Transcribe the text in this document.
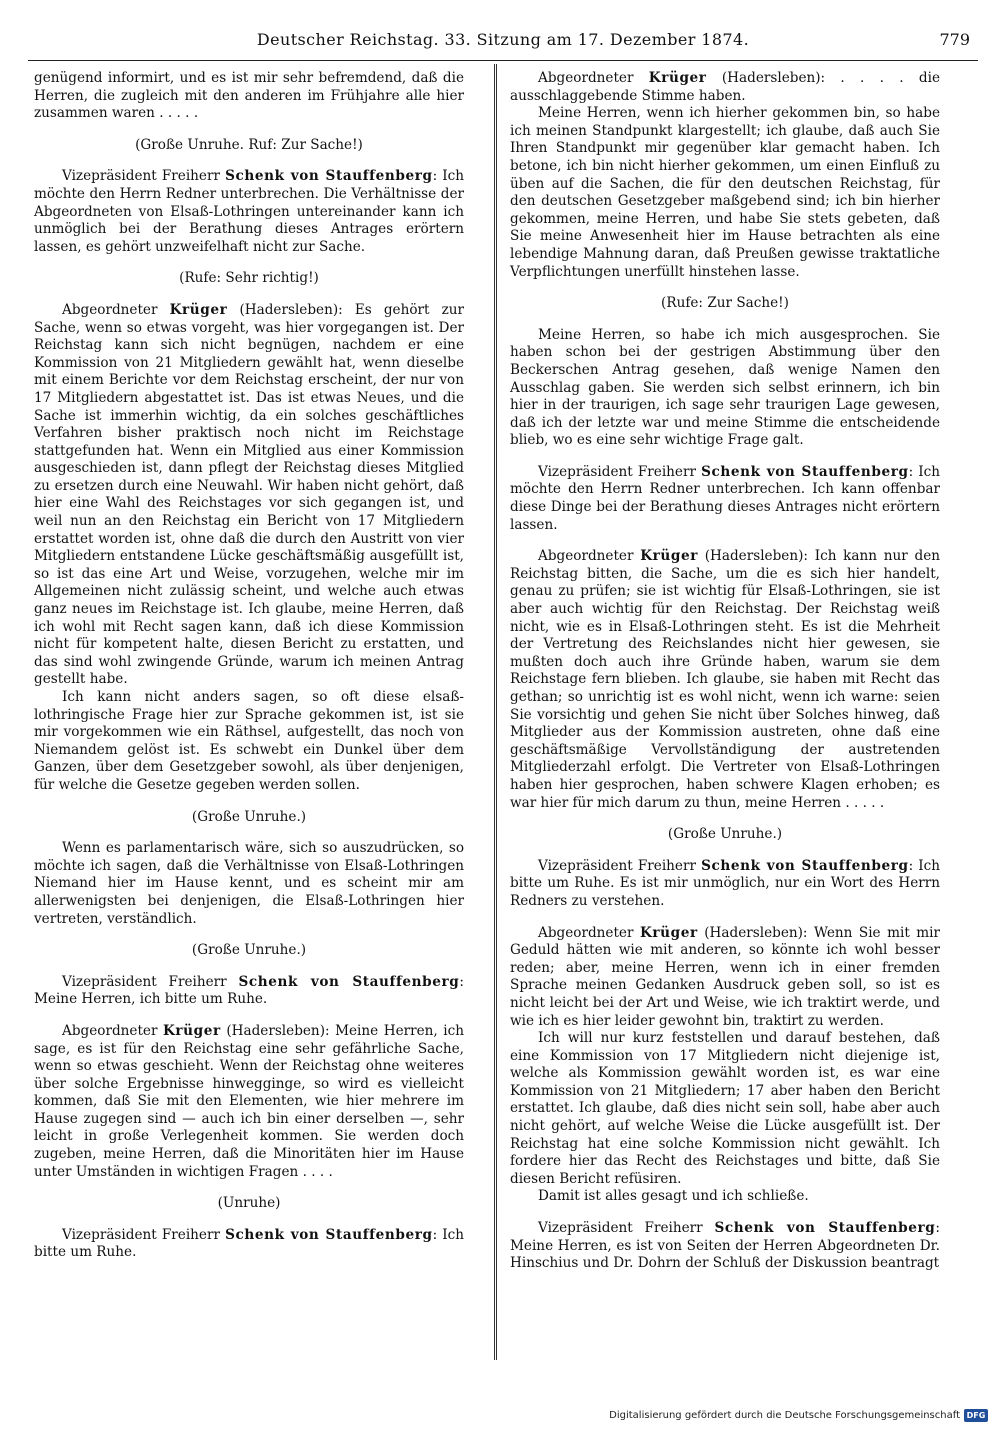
Deutscher Reichstag. 33. Sitzung am 17. Dezember 1874.	779

genügend informirt, und es ist mir sehr befremdend, daß die Herren, die zugleich mit den anderen im Frühjahre alle hier zusammen waren . . . . .

(Große Unruhe. Ruf: Zur Sache!)

Vizepräsident Freiherr Schenk von Stauffenberg: Ich möchte den Herrn Redner unterbrechen. Die Verhältnisse der Abgeordneten von Elsaß-Lothringen untereinander kann ich unmöglich bei der Berathung dieses Antrages erörtern lassen, es gehört unzweifelhaft nicht zur Sache.

(Rufe: Sehr richtig!)

Abgeordneter Krüger (Hadersleben): Es gehört zur Sache, wenn so etwas vorgeht, was hier vorgegangen ist. Der Reichstag kann sich nicht begnügen, nachdem er eine Kommission von 21 Mitgliedern gewählt hat, wenn dieselbe mit einem Berichte vor dem Reichstag erscheint, der nur von 17 Mitgliedern abgestattet ist. Das ist etwas Neues, und die Sache ist immerhin wichtig, da ein solches geschäftliches Verfahren bisher praktisch noch nicht im Reichstage stattgefunden hat. Wenn ein Mitglied aus einer Kommission ausgeschieden ist, dann pflegt der Reichstag dieses Mitglied zu ersetzen durch eine Neuwahl. Wir haben nicht gehört, daß hier eine Wahl des Reichstages vor sich gegangen ist, und weil nun an den Reichstag ein Bericht von 17 Mitgliedern erstattet worden ist, ohne daß die durch den Austritt von vier Mitgliedern entstandene Lücke geschäftsmäßig ausgefüllt ist, so ist das eine Art und Weise, vorzugehen, welche mir im Allgemeinen nicht zulässig scheint, und welche auch etwas ganz neues im Reichstage ist. Ich glaube, meine Herren, daß ich wohl mit Recht sagen kann, daß ich diese Kommission nicht für kompetent halte, diesen Bericht zu erstatten, und das sind wohl zwingende Gründe, warum ich meinen Antrag gestellt habe.

Ich kann nicht anders sagen, so oft diese elsaß-lothringische Frage hier zur Sprache gekommen ist, ist sie mir vorgekommen wie ein Räthsel, aufgestellt, das noch von Niemandem gelöst ist. Es schwebt ein Dunkel über dem Ganzen, über dem Gesetzgeber sowohl, als über denjenigen, für welche die Gesetze gegeben werden sollen.

(Große Unruhe.)

Wenn es parlamentarisch wäre, sich so auszudrücken, so möchte ich sagen, daß die Verhältnisse von Elsaß-Lothringen Niemand hier im Hause kennt, und es scheint mir am allerwenigsten bei denjenigen, die Elsaß-Lothringen hier vertreten, verständlich.

(Große Unruhe.)

Vizepräsident Freiherr Schenk von Stauffenberg: Meine Herren, ich bitte um Ruhe.

Abgeordneter Krüger (Hadersleben): Meine Herren, ich sage, es ist für den Reichstag eine sehr gefährliche Sache, wenn so etwas geschieht. Wenn der Reichstag ohne weiteres über solche Ergebnisse hinwegginge, so wird es vielleicht kommen, daß Sie mit den Elementen, wie hier mehrere im Hause zugegen sind — auch ich bin einer derselben —, sehr leicht in große Verlegenheit kommen. Sie werden doch zugeben, meine Herren, daß die Minoritäten hier im Hause unter Umständen in wichtigen Fragen . . . .

(Unruhe)

Vizepräsident Freiherr Schenk von Stauffenberg: Ich bitte um Ruhe.

Abgeordneter Krüger (Hadersleben): . . . . die ausschlaggebende Stimme haben.

Meine Herren, wenn ich hierher gekommen bin, so habe ich meinen Standpunkt klargestellt; ich glaube, daß auch Sie Ihren Standpunkt mir gegenüber klar gemacht haben. Ich betone, ich bin nicht hierher gekommen, um einen Einfluß zu üben auf die Sachen, die für den deutschen Reichstag, für den deutschen Gesetzgeber maßgebend sind; ich bin hierher gekommen, meine Herren, und habe Sie stets gebeten, daß Sie meine Anwesenheit hier im Hause betrachten als eine lebendige Mahnung daran, daß Preußen gewisse traktatliche Verpflichtungen unerfüllt hinstehen lasse.

(Rufe: Zur Sache!)

Meine Herren, so habe ich mich ausgesprochen. Sie haben schon bei der gestrigen Abstimmung über den Beckerschen Antrag gesehen, daß wenige Namen den Ausschlag gaben. Sie werden sich selbst erinnern, ich bin hier in der traurigen, ich sage sehr traurigen Lage gewesen, daß ich der letzte war und meine Stimme die entscheidende blieb, wo es eine sehr wichtige Frage galt.

Vizepräsident Freiherr Schenk von Stauffenberg: Ich möchte den Herrn Redner unterbrechen. Ich kann offenbar diese Dinge bei der Berathung dieses Antrages nicht erörtern lassen.

Abgeordneter Krüger (Hadersleben): Ich kann nur den Reichstag bitten, die Sache, um die es sich hier handelt, genau zu prüfen; sie ist wichtig für Elsaß-Lothringen, sie ist aber auch wichtig für den Reichstag. Der Reichstag weiß nicht, wie es in Elsaß-Lothringen steht. Es ist die Mehrheit der Vertretung des Reichslandes nicht hier gewesen, sie mußten doch auch ihre Gründe haben, warum sie dem Reichstage fern blieben. Ich glaube, sie haben mit Recht das gethan; so unrichtig ist es wohl nicht, wenn ich warne: seien Sie vorsichtig und gehen Sie nicht über Solches hinweg, daß Mitglieder aus der Kommission austreten, ohne daß eine geschäftsmäßige Vervollständigung der austretenden Mitgliederzahl erfolgt. Die Vertreter von Elsaß-Lothringen haben hier gesprochen, haben schwere Klagen erhoben; es war hier für mich darum zu thun, meine Herren . . . . .

(Große Unruhe.)

Vizepräsident Freiherr Schenk von Stauffenberg: Ich bitte um Ruhe. Es ist mir unmöglich, nur ein Wort des Herrn Redners zu verstehen.

Abgeordneter Krüger (Hadersleben): Wenn Sie mit mir Geduld hätten wie mit anderen, so könnte ich wohl besser reden; aber, meine Herren, wenn ich in einer fremden Sprache meinen Gedanken Ausdruck geben soll, so ist es nicht leicht bei der Art und Weise, wie ich traktirt werde, und wie ich es hier leider gewohnt bin, traktirt zu werden.

Ich will nur kurz feststellen und darauf bestehen, daß eine Kommission von 17 Mitgliedern nicht diejenige ist, welche als Kommission gewählt worden ist, es war eine Kommission von 21 Mitgliedern; 17 aber haben den Bericht erstattet. Ich glaube, daß dies nicht sein soll, habe aber auch nicht gehört, auf welche Weise die Lücke ausgefüllt ist. Der Reichstag hat eine solche Kommission nicht gewählt. Ich fordere hier das Recht des Reichstages und bitte, daß Sie diesen Bericht refüsiren.

Damit ist alles gesagt und ich schließe.

Vizepräsident Freiherr Schenk von Stauffenberg: Meine Herren, es ist von Seiten der Herren Abgeordneten Dr. Hinschius und Dr. Dohrn der Schluß der Diskussion beantragt

Digitalisierung gefördert durch die Deutsche Forschungsgemeinschaft DFG
